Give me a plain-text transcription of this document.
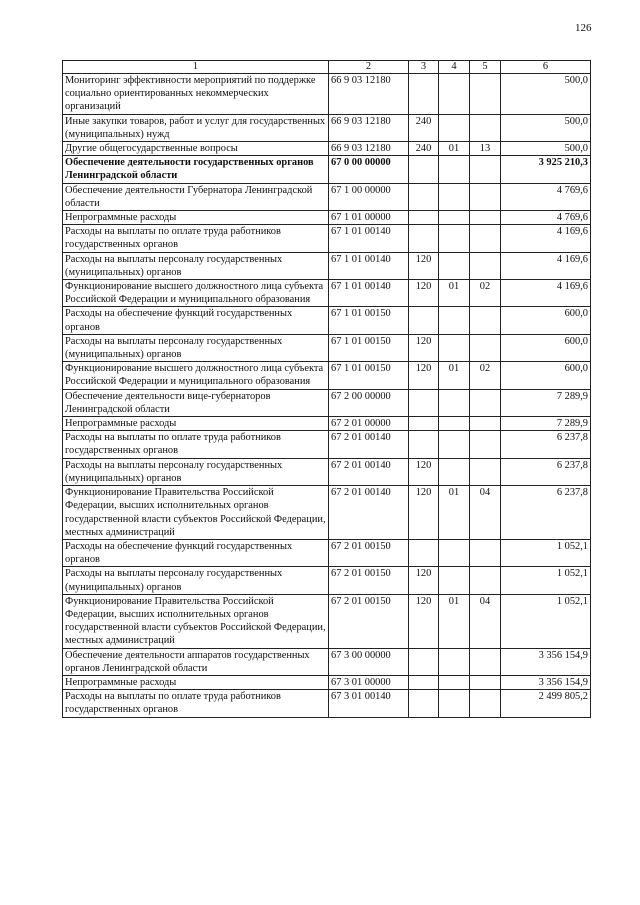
126
1	2	3	4	5	6
Мониторинг эффективности мероприятий по поддержке социально ориентированных некоммерческих организаций	66 9 03 12180				500,0
Иные закупки товаров, работ и услуг для государственных (муниципальных) нужд	66 9 03 12180	240			500,0
Другие общегосударственные вопросы	66 9 03 12180	240	01	13	500,0
Обеспечение деятельности государственных органов Ленинградской области	67 0 00 00000				3 925 210,3
Обеспечение деятельности Губернатора Ленинградской области	67 1 00 00000				4 769,6
Непрограммные расходы	67 1 01 00000				4 769,6
Расходы на выплаты по оплате труда работников государственных органов	67 1 01 00140				4 169,6
Расходы на выплаты персоналу государственных (муниципальных) органов	67 1 01 00140	120			4 169,6
Функционирование высшего должностного лица субъекта Российской Федерации и муниципального образования	67 1 01 00140	120	01	02	4 169,6
Расходы на обеспечение функций государственных органов	67 1 01 00150				600,0
Расходы на выплаты персоналу государственных (муниципальных) органов	67 1 01 00150	120			600,0
Функционирование высшего должностного лица субъекта Российской Федерации и муниципального образования	67 1 01 00150	120	01	02	600,0
Обеспечение деятельности вице-губернаторов Ленинградской области	67 2 00 00000				7 289,9
Непрограммные расходы	67 2 01 00000				7 289,9
Расходы на выплаты по оплате труда работников государственных органов	67 2 01 00140				6 237,8
Расходы на выплаты персоналу государственных (муниципальных) органов	67 2 01 00140	120			6 237,8
Функционирование Правительства Российской Федерации, высших исполнительных органов государственной власти субъектов Российской Федерации, местных администраций	67 2 01 00140	120	01	04	6 237,8
Расходы на обеспечение функций государственных органов	67 2 01 00150				1 052,1
Расходы на выплаты персоналу государственных (муниципальных) органов	67 2 01 00150	120			1 052,1
Функционирование Правительства Российской Федерации, высших исполнительных органов государственной власти субъектов Российской Федерации, местных администраций	67 2 01 00150	120	01	04	1 052,1
Обеспечение деятельности аппаратов государственных органов Ленинградской области	67 3 00 00000				3 356 154,9
Непрограммные расходы	67 3 01 00000				3 356 154,9
Расходы на выплаты по оплате труда работников государственных органов	67 3 01 00140				2 499 805,2
